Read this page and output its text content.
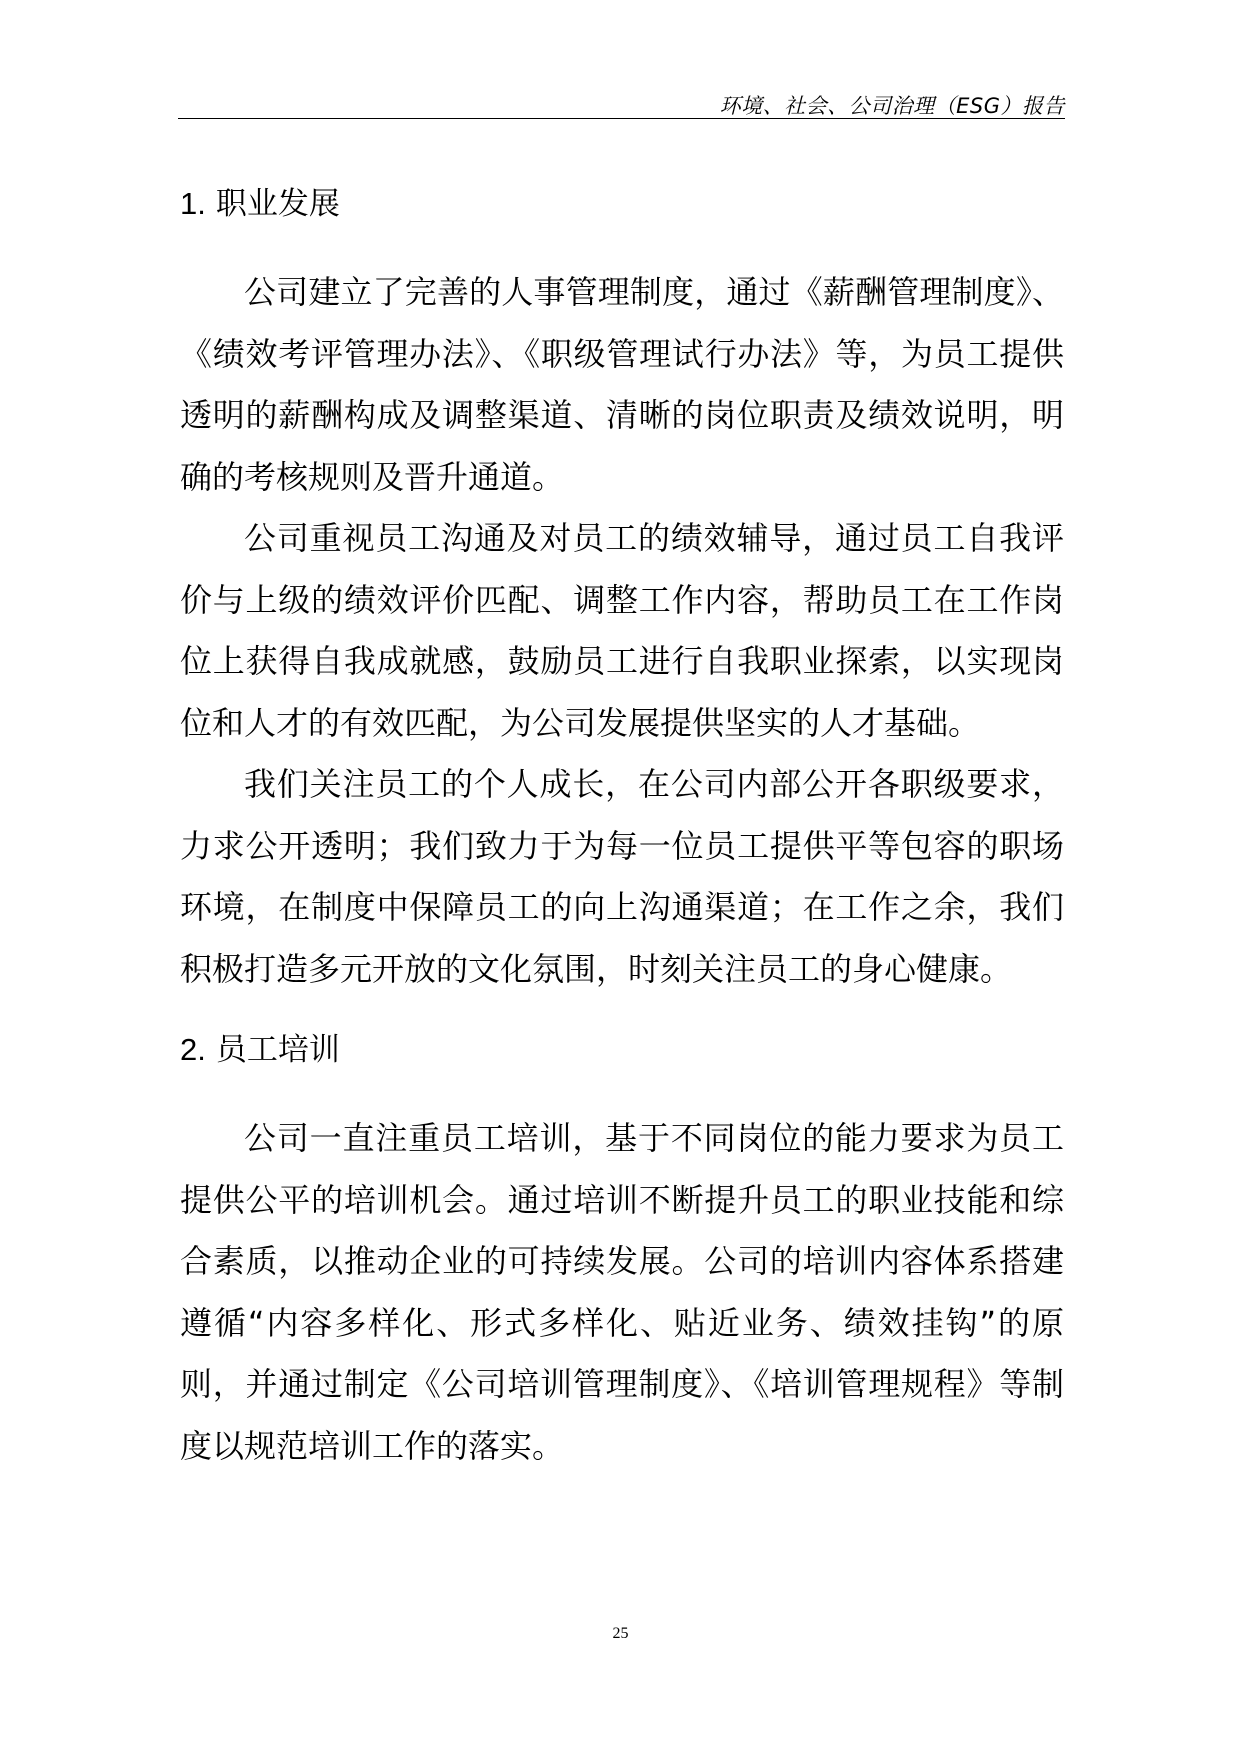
环境、社会、公司治理（ESG）报告
1. 职业发展

公司建立了完善的人事管理制度，通过《薪酬管理制度》、《绩效考评管理办法》、《职级管理试行办法》等，为员工提供透明的薪酬构成及调整渠道、清晰的岗位职责及绩效说明，明确的考核规则及晋升通道。

公司重视员工沟通及对员工的绩效辅导，通过员工自我评价与上级的绩效评价匹配、调整工作内容，帮助员工在工作岗位上获得自我成就感，鼓励员工进行自我职业探索，以实现岗位和人才的有效匹配，为公司发展提供坚实的人才基础。

我们关注员工的个人成长，在公司内部公开各职级要求，力求公开透明；我们致力于为每一位员工提供平等包容的职场环境，在制度中保障员工的向上沟通渠道；在工作之余，我们积极打造多元开放的文化氛围，时刻关注员工的身心健康。

2. 员工培训

公司一直注重员工培训，基于不同岗位的能力要求为员工提供公平的培训机会。通过培训不断提升员工的职业技能和综合素质，以推动企业的可持续发展。公司的培训内容体系搭建遵循“内容多样化、形式多样化、贴近业务、绩效挂钩”的原则，并通过制定《公司培训管理制度》、《培训管理规程》等制度以规范培训工作的落实。

25
